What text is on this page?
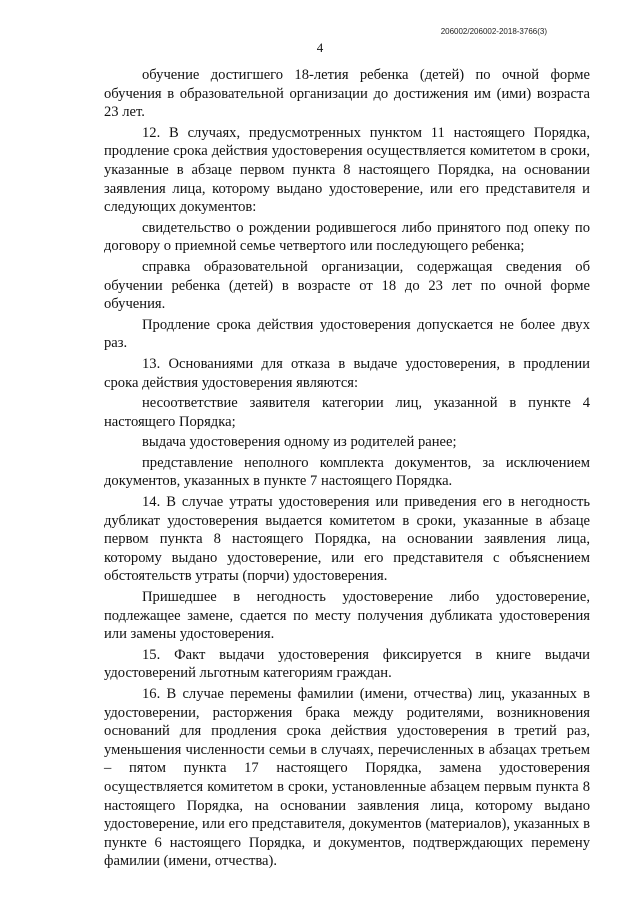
206002/206002-2018-3766(3)
4

обучение достигшего 18-летия ребенка (детей) по очной форме обучения в образовательной организации до достижения им (ими) возраста 23 лет.

12. В случаях, предусмотренных пунктом 11 настоящего Порядка, продление срока действия удостоверения осуществляется комитетом в сроки, указанные в абзаце первом пункта 8 настоящего Порядка, на основании заявления лица, которому выдано удостоверение, или его представителя и следующих документов:

свидетельство о рождении родившегося либо принятого под опеку по договору о приемной семье четвертого или последующего ребенка;

справка образовательной организации, содержащая сведения об обучении ребенка (детей) в возрасте от 18 до 23 лет по очной форме обучения.

Продление срока действия удостоверения допускается не более двух раз.

13. Основаниями для отказа в выдаче удостоверения, в продлении срока действия удостоверения являются:

несоответствие заявителя категории лиц, указанной в пункте 4 настоящего Порядка;

выдача удостоверения одному из родителей ранее;

представление неполного комплекта документов, за исключением документов, указанных в пункте 7 настоящего Порядка.

14. В случае утраты удостоверения или приведения его в негодность дубликат удостоверения выдается комитетом в сроки, указанные в абзаце первом пункта 8 настоящего Порядка, на основании заявления лица, которому выдано удостоверение, или его представителя с объяснением обстоятельств утраты (порчи) удостоверения.

Пришедшее в негодность удостоверение либо удостоверение, подлежащее замене, сдается по месту получения дубликата удостоверения или замены удостоверения.

15. Факт выдачи удостоверения фиксируется в книге выдачи удостоверений льготным категориям граждан.

16. В случае перемены фамилии (имени, отчества) лиц, указанных в удостоверении, расторжения брака между родителями, возникновения оснований для продления срока действия удостоверения в третий раз, уменьшения численности семьи в случаях, перечисленных в абзацах третьем – пятом пункта 17 настоящего Порядка, замена удостоверения осуществляется комитетом в сроки, установленные абзацем первым пункта 8 настоящего Порядка, на основании заявления лица, которому выдано удостоверение, или его представителя, документов (материалов), указанных в пункте 6 настоящего Порядка, и документов, подтверждающих перемену фамилии (имени, отчества).
